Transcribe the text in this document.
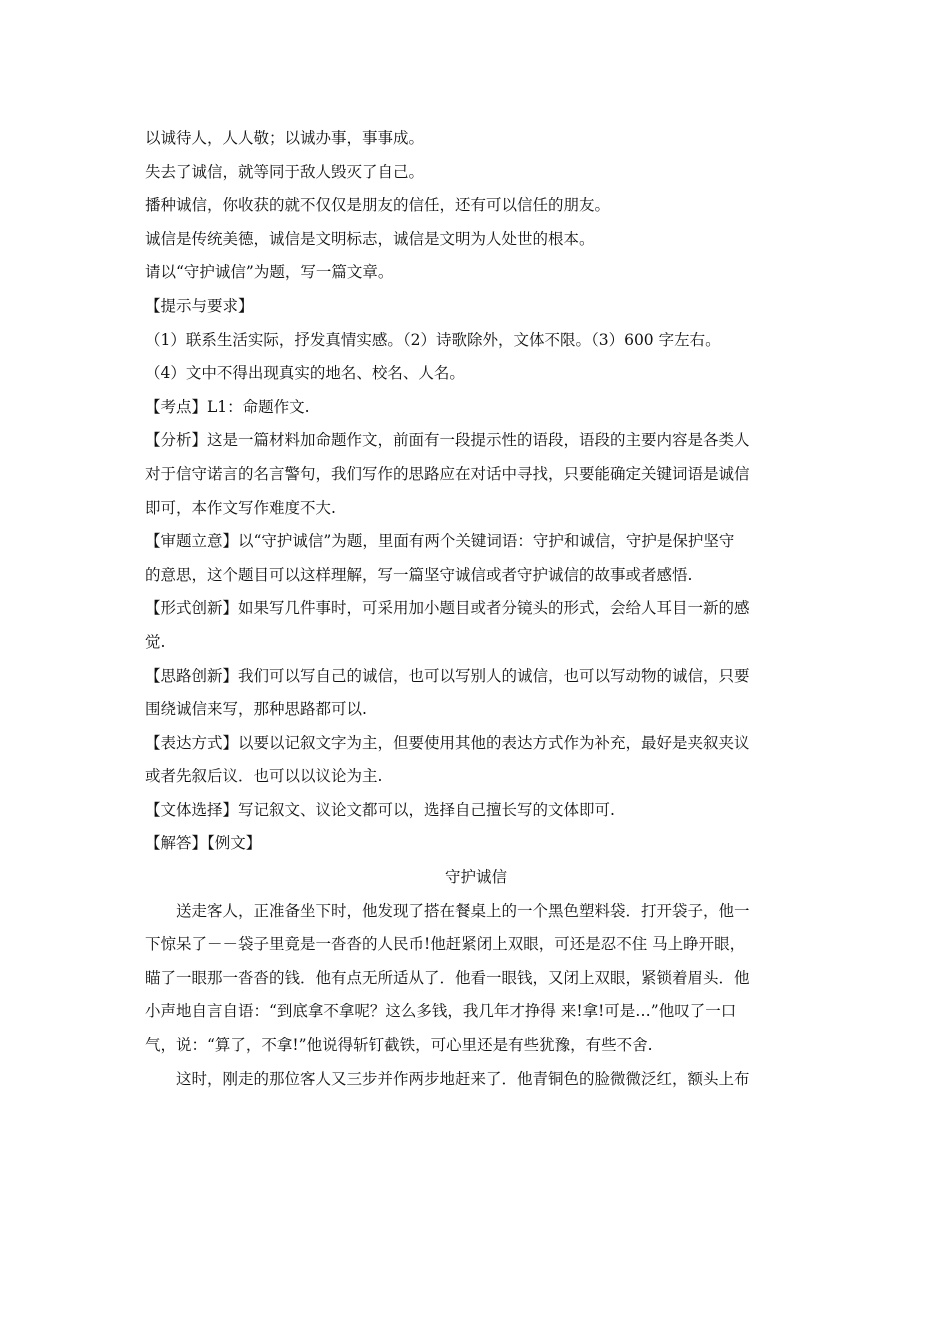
以诚待人，人人敬；以诚办事，事事成。

失去了诚信，就等同于敌人毁灭了自己。

播种诚信，你收获的就不仅仅是朋友的信任，还有可以信任的朋友。

诚信是传统美德，诚信是文明标志，诚信是文明为人处世的根本。

请以“守护诚信”为题，写一篇文章。

【提示与要求】

（1）联系生活实际，抒发真情实感。（2）诗歌除外，文体不限。（3）600 字左右。

（4）文中不得出现真实的地名、校名、人名。

【考点】L1：命题作文.

【分析】这是一篇材料加命题作文，前面有一段提示性的语段，语段的主要内容是各类人

对于信守诺言的名言警句，我们写作的思路应在对话中寻找，只要能确定关键词语是诚信

即可，本作文写作难度不大.

【审题立意】以“守护诚信”为题，里面有两个关键词语：守护和诚信，守护是保护坚守

的意思，这个题目可以这样理解，写一篇坚守诚信或者守护诚信的故事或者感悟.

【形式创新】如果写几件事时，可采用加小题目或者分镜头的形式，会给人耳目一新的感

觉.

【思路创新】我们可以写自己的诚信，也可以写别人的诚信，也可以写动物的诚信，只要

围绕诚信来写，那种思路都可以.

【表达方式】以要以记叙文字为主，但要使用其他的表达方式作为补充，最好是夹叙夹议

或者先叙后议．也可以以议论为主.

【文体选择】写记叙文、议论文都可以，选择自己擅长写的文体即可.

【解答】【例文】

守护诚信

送走客人，正准备坐下时，他发现了搭在餐桌上的一个黑色塑料袋．打开袋子，他一

下惊呆了－－袋子里竟是一沓沓的人民币!他赶紧闭上双眼，可还是忍不住 马上睁开眼，

瞄了一眼那一沓沓的钱．他有点无所适从了．他看一眼钱，又闭上双眼，紧锁着眉头．他

小声地自言自语：“到底拿不拿呢？这么多钱，我几年才挣得 来!拿!可是…”他叹了一口

气，说：“算了，不拿!”他说得斩钉截铁，可心里还是有些犹豫，有些不舍.

这时，刚走的那位客人又三步并作两步地赶来了．他青铜色的脸微微泛红，额头上布
